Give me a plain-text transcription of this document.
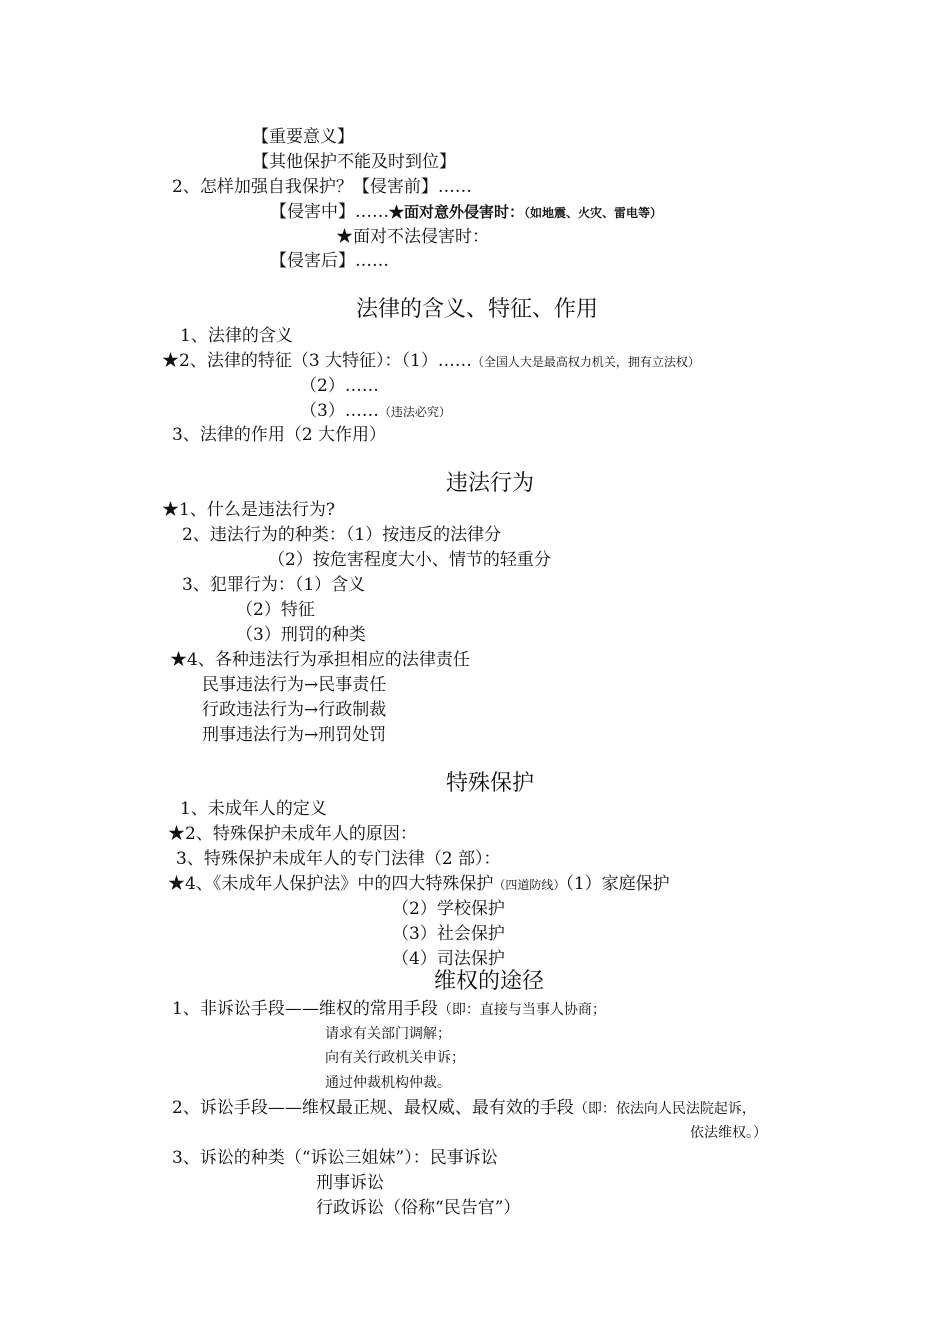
【重要意义】
【其他保护不能及时到位】
2、怎样加强自我保护？【侵害前】……
【侵害中】……★面对意外侵害时：（如地震、火灾、雷电等）
★面对不法侵害时：
【侵害后】……
法律的含义、特征、作用
1、法律的含义
★2、法律的特征（3 大特征）：（1）……（全国人大是最高权力机关，拥有立法权）
（2）……
（3）……（违法必究）
3、法律的作用（2 大作用）
违法行为
★1、什么是违法行为?
2、违法行为的种类：（1）按违反的法律分
（2）按危害程度大小、情节的轻重分
3、犯罪行为：（1）含义
（2）特征
（3）刑罚的种类
★4、各种违法行为承担相应的法律责任
民事违法行为→民事责任
行政违法行为→行政制裁
刑事违法行为→刑罚处罚
特殊保护
1、未成年人的定义
★2、特殊保护未成年人的原因：
3、特殊保护未成年人的专门法律（2 部）：
★4、《未成年人保护法》中的四大特殊保护（四道防线）（1）家庭保护
（2）学校保护
（3）社会保护
（4）司法保护
维权的途径
1、非诉讼手段——维权的常用手段（即：直接与当事人协商；
请求有关部门调解；
向有关行政机关申诉；
通过仲裁机构仲裁。
2、诉讼手段——维权最正规、最权威、最有效的手段（即：依法向人民法院起诉，
依法维权。）
3、诉讼的种类（“诉讼三姐妹”）：民事诉讼
刑事诉讼
行政诉讼（俗称“民告官”）
